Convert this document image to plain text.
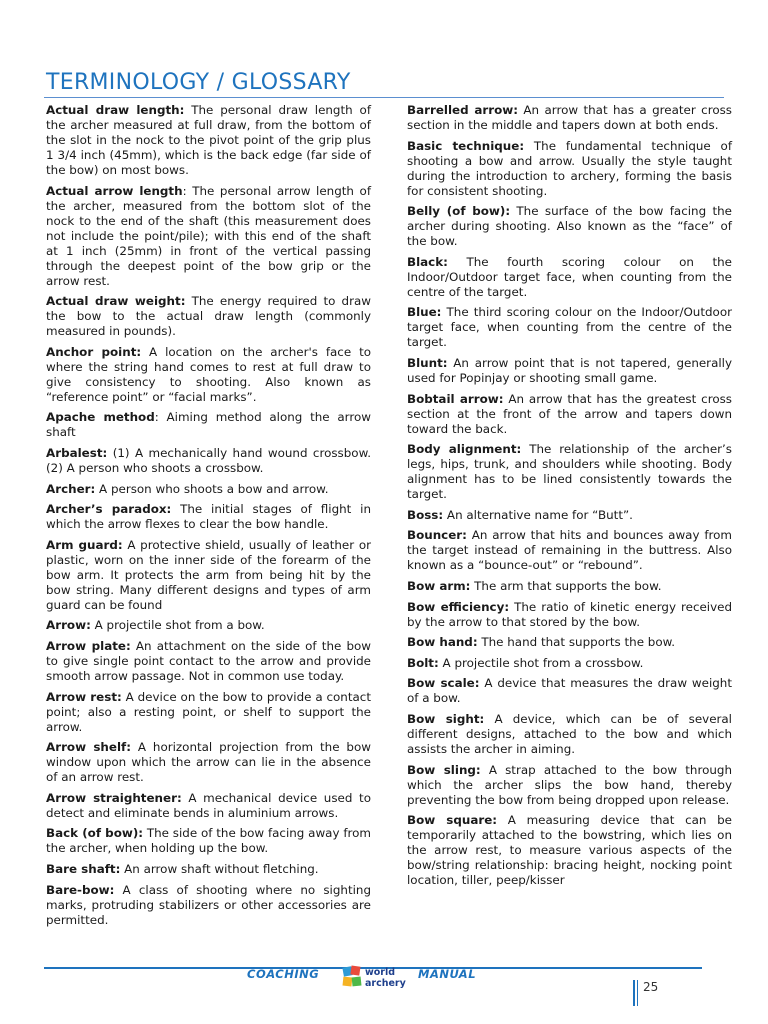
TERMINOLOGY / GLOSSARY

Actual draw length: The personal draw length of the archer measured at full draw, from the bottom of the slot in the nock to the pivot point of the grip plus 1 3/4 inch (45mm), which is the back edge (far side of the bow) on most bows.

Actual arrow length: The personal arrow length of the archer, measured from the bottom slot of the nock to the end of the shaft (this measurement does not include the point/pile); with this end of the shaft at 1 inch (25mm) in front of the vertical passing through the deepest point of the bow grip or the arrow rest.

Actual draw weight: The energy required to draw the bow to the actual draw length (commonly measured in pounds).

Anchor point: A location on the archer's face to where the string hand comes to rest at full draw to give consistency to shooting. Also known as “reference point” or “facial marks”.

Apache method: Aiming method along the arrow shaft

Arbalest: (1) A mechanically hand wound crossbow. (2) A person who shoots a crossbow.

Archer: A person who shoots a bow and arrow.

Archer’s paradox: The initial stages of flight in which the arrow flexes to clear the bow handle.

Arm guard: A protective shield, usually of leather or plastic, worn on the inner side of the forearm of the bow arm. It protects the arm from being hit by the bow string. Many different designs and types of arm guard can be found

Arrow: A projectile shot from a bow.

Arrow plate: An attachment on the side of the bow to give single point contact to the arrow and provide smooth arrow passage. Not in common use today.

Arrow rest: A device on the bow to provide a contact point; also a resting point, or shelf to support the arrow.

Arrow shelf: A horizontal projection from the bow window upon which the arrow can lie in the absence of an arrow rest.

Arrow straightener: A mechanical device used to detect and eliminate bends in aluminium arrows.

Back (of bow): The side of the bow facing away from the archer, when holding up the bow.

Bare shaft: An arrow shaft without fletching.

Bare-bow: A class of shooting where no sighting marks, protruding stabilizers or other accessories are permitted.

Barrelled arrow: An arrow that has a greater cross section in the middle and tapers down at both ends.

Basic technique: The fundamental technique of shooting a bow and arrow. Usually the style taught during the introduction to archery, forming the basis for consistent shooting.

Belly (of bow): The surface of the bow facing the archer during shooting. Also known as the “face” of the bow.

Black: The fourth scoring colour on the Indoor/Outdoor target face, when counting from the centre of the target.

Blue: The third scoring colour on the Indoor/Outdoor target face, when counting from the centre of the target.

Blunt: An arrow point that is not tapered, generally used for Popinjay or shooting small game.

Bobtail arrow: An arrow that has the greatest cross section at the front of the arrow and tapers down toward the back.

Body alignment: The relationship of the archer’s legs, hips, trunk, and shoulders while shooting. Body alignment has to be lined consistently towards the target.

Boss: An alternative name for “Butt”.

Bouncer: An arrow that hits and bounces away from the target instead of remaining in the buttress. Also known as a “bounce-out” or “rebound”.

Bow arm: The arm that supports the bow.

Bow efficiency: The ratio of kinetic energy received by the arrow to that stored by the bow.

Bow hand: The hand that supports the bow.

Bolt: A projectile shot from a crossbow.

Bow scale: A device that measures the draw weight of a bow.

Bow sight: A device, which can be of several different designs, attached to the bow and which assists the archer in aiming.

Bow sling: A strap attached to the bow through which the archer slips the bow hand, thereby preventing the bow from being dropped upon release.

Bow square: A measuring device that can be temporarily attached to the bowstring, which lies on the arrow rest, to measure various aspects of the bow/string relationship: bracing height, nocking point location, tiller, peep/kisser

COACHING	world
archery
MANUAL
25
